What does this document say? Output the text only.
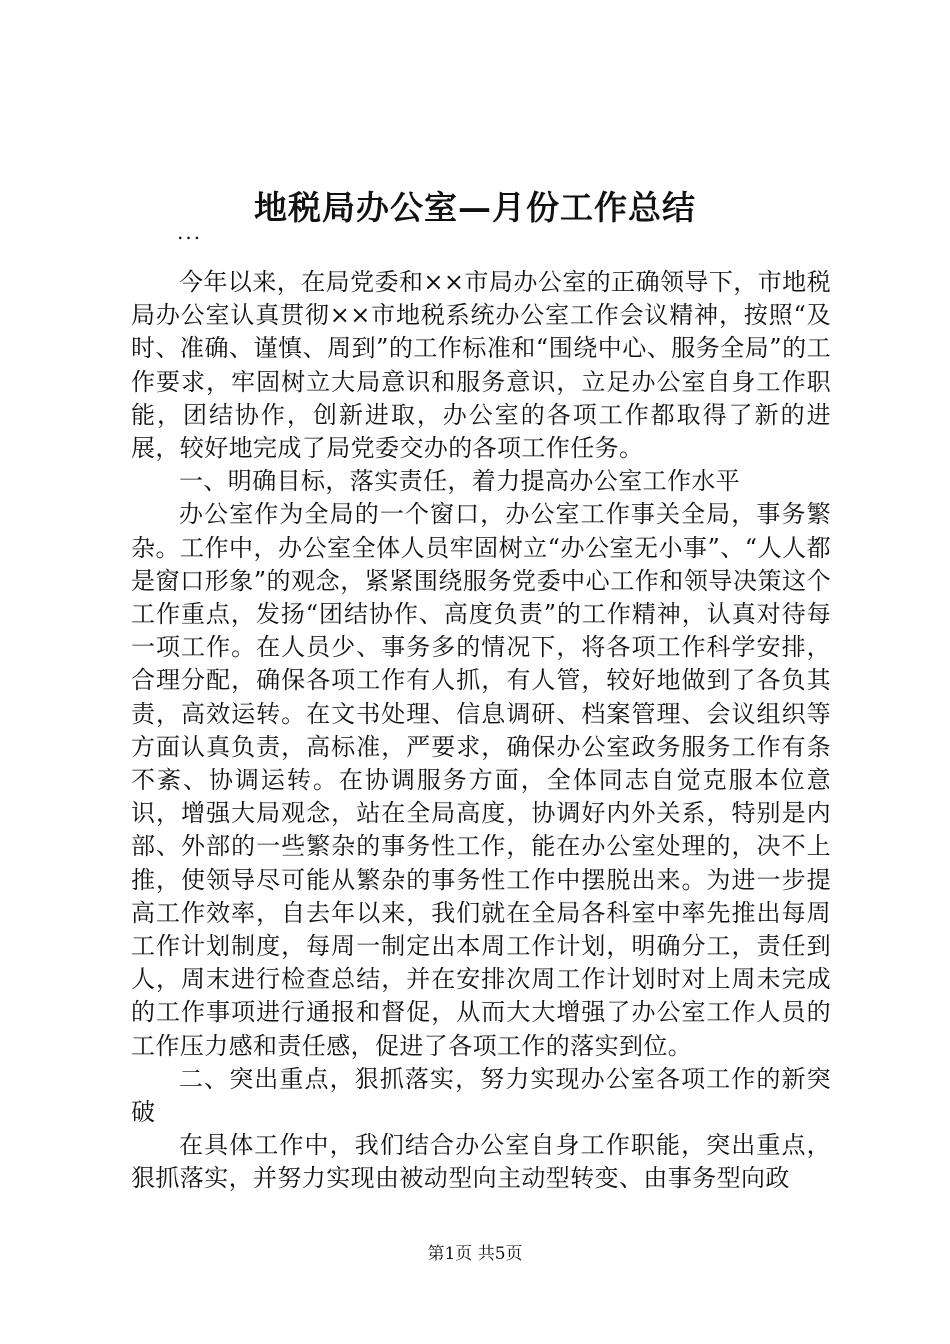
地税局办公室—月份工作总结
...

今年以来，在局党委和××市局办公室的正确领导下，市地税局办公室认真贯彻××市地税系统办公室工作会议精神，按照“及时、准确、谨慎、周到”的工作标准和“围绕中心、服务全局”的工作要求，牢固树立大局意识和服务意识，立足办公室自身工作职能，团结协作，创新进取，办公室的各项工作都取得了新的进展，较好地完成了局党委交办的各项工作任务。

一、明确目标，落实责任，着力提高办公室工作水平

办公室作为全局的一个窗口，办公室工作事关全局，事务繁杂。工作中，办公室全体人员牢固树立“办公室无小事”、“人人都是窗口形象”的观念，紧紧围绕服务党委中心工作和领导决策这个工作重点，发扬“团结协作、高度负责”的工作精神，认真对待每一项工作。在人员少、事务多的情况下，将各项工作科学安排，合理分配，确保各项工作有人抓，有人管，较好地做到了各负其责，高效运转。在文书处理、信息调研、档案管理、会议组织等方面认真负责，高标准，严要求，确保办公室政务服务工作有条不紊、协调运转。在协调服务方面，全体同志自觉克服本位意识，增强大局观念，站在全局高度，协调好内外关系，特别是内部、外部的一些繁杂的事务性工作，能在办公室处理的，决不上推，使领导尽可能从繁杂的事务性工作中摆脱出来。为进一步提高工作效率，自去年以来，我们就在全局各科室中率先推出每周工作计划制度，每周一制定出本周工作计划，明确分工，责任到人，周末进行检查总结，并在安排次周工作计划时对上周未完成的工作事项进行通报和督促，从而大大增强了办公室工作人员的工作压力感和责任感，促进了各项工作的落实到位。

二、突出重点，狠抓落实，努力实现办公室各项工作的新突破

在具体工作中，我们结合办公室自身工作职能，突出重点，狠抓落实，并努力实现由被动型向主动型转变、由事务型向政

第1页 共5页
